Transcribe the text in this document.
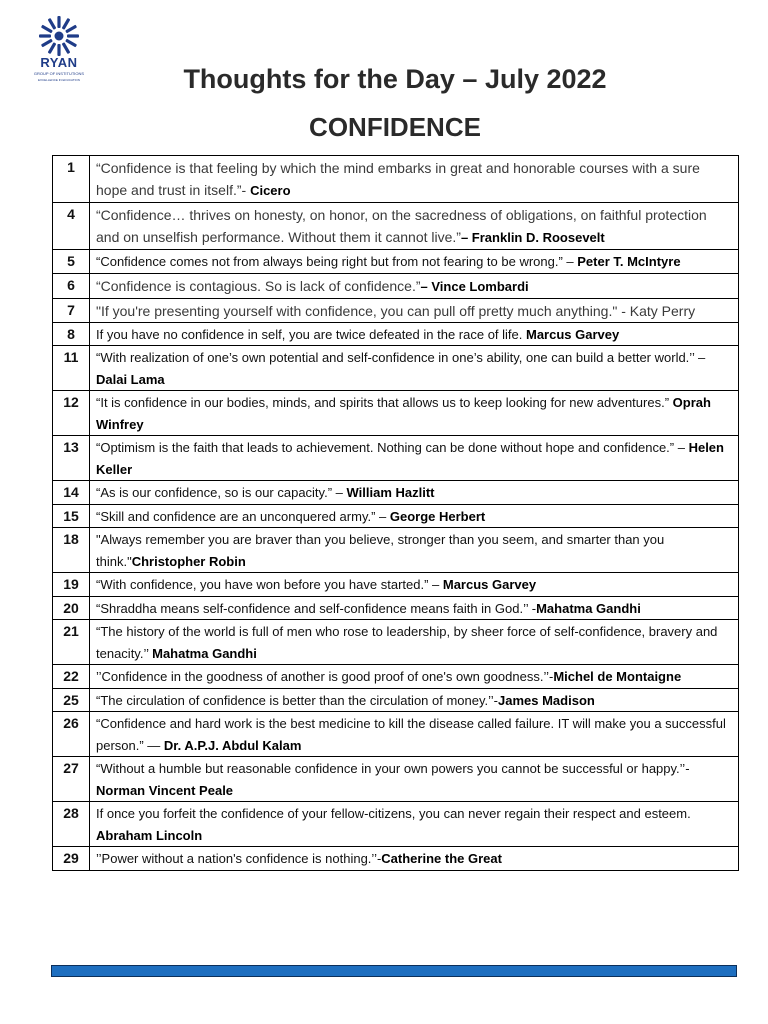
RYAN
GROUP OF INSTITUTIONS
EXCELLENCE IN EDUCATION	Thoughts for the Day – July 2022
CONFIDENCE
1	“Confidence is that feeling by which the mind embarks in great and honorable courses with a sure hope and trust in itself.”- Cicero
4	“Confidence… thrives on honesty, on honor, on the sacredness of obligations, on faithful protection and on unselfish performance. Without them it cannot live.”– Franklin D. Roosevelt
5	“Confidence comes not from always being right but from not fearing to be wrong.” – Peter T. McIntyre
6	“Confidence is contagious. So is lack of confidence.”– Vince Lombardi
7	"If you're presenting yourself with confidence, you can pull off pretty much anything." - Katy Perry
8	If you have no confidence in self, you are twice defeated in the race of life. Marcus Garvey
11	“With realization of one’s own potential and self-confidence in one’s ability, one can build a better world.’’ – Dalai Lama
12	“It is confidence in our bodies, minds, and spirits that allows us to keep looking for new adventures.” Oprah Winfrey
13	“Optimism is the faith that leads to achievement. Nothing can be done without hope and confidence.” – Helen Keller
14	“As is our confidence, so is our capacity.” – William Hazlitt
15	“Skill and confidence are an unconquered army.” – George Herbert
18	"Always remember you are braver than you believe, stronger than you seem, and smarter than you think."Christopher Robin
19	“With confidence, you have won before you have started.” – Marcus Garvey
20	“Shraddha means self-confidence and self-confidence means faith in God.’’ -Mahatma Gandhi
21	“The history of the world is full of men who rose to leadership, by sheer force of self-confidence, bravery and tenacity.’’ Mahatma Gandhi
22	’’Confidence in the goodness of another is good proof of one's own goodness.’’-Michel de Montaigne
25	“The circulation of confidence is better than the circulation of money.’’-James Madison
26	“Confidence and hard work is the best medicine to kill the disease called failure. IT will make you a successful person.” — Dr. A.P.J. Abdul Kalam
27	“Without a humble but reasonable confidence in your own powers you cannot be successful or happy.’’-Norman Vincent Peale
28	If once you forfeit the confidence of your fellow-citizens, you can never regain their respect and esteem. Abraham Lincoln
29	’’Power without a nation's confidence is nothing.’’-Catherine the Great
